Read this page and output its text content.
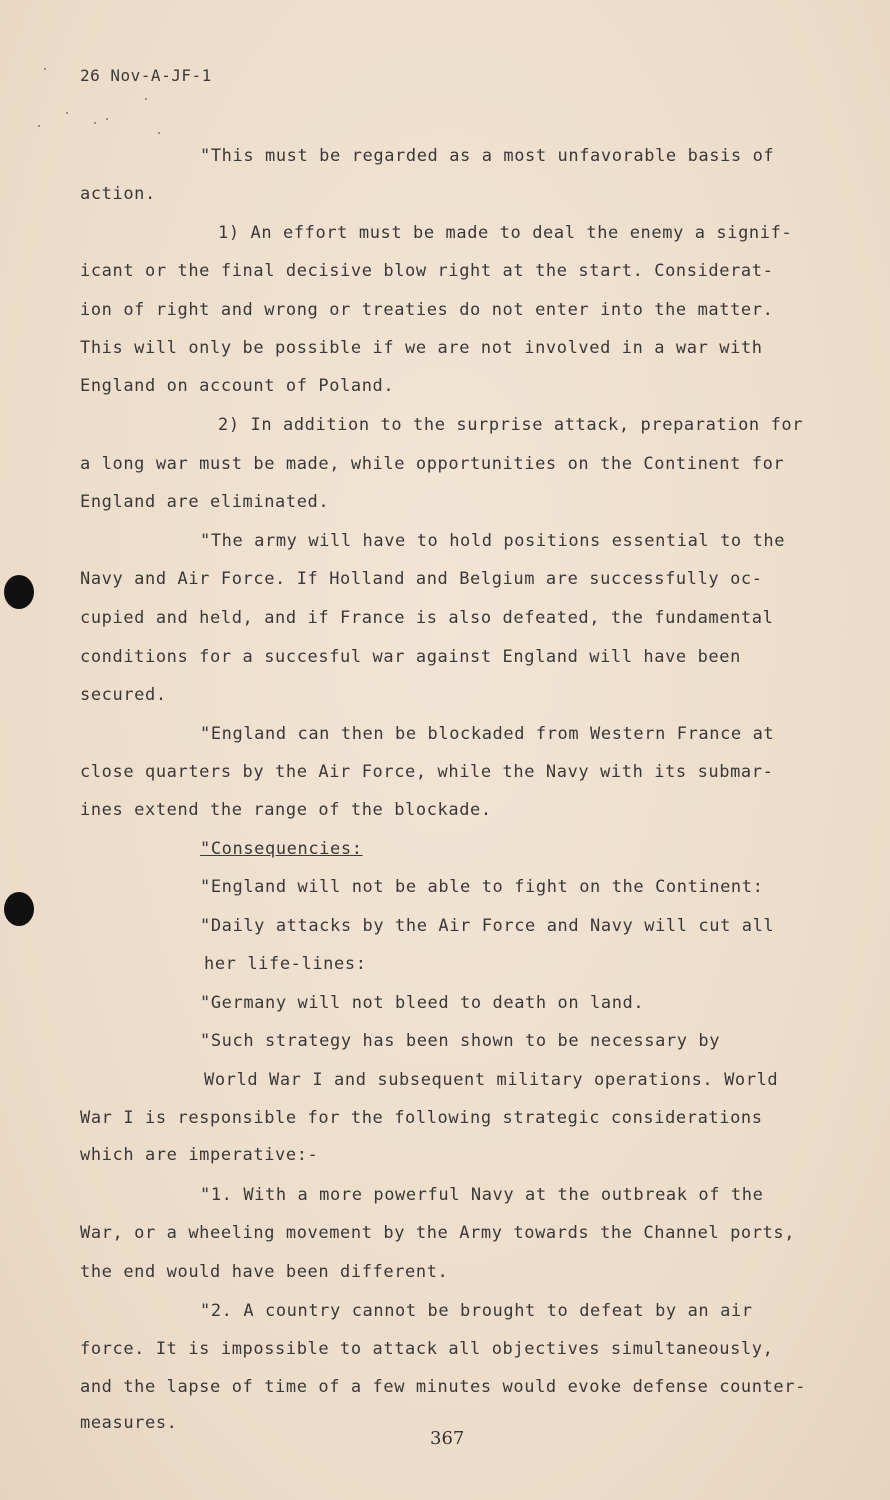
26 Nov-A-JF-1
"This must be regarded as a most unfavorable basis of
action.
1) An effort must be made to deal the enemy a signif-
icant or the final decisive blow right at the start. Considerat-
ion of right and wrong or treaties do not enter into the matter.
This will only be possible if we are not involved in a war with
England on account of Poland.
2) In addition to the surprise attack, preparation for
a long war must be made, while opportunities on the Continent for
England are eliminated.
"The army will have to hold positions essential to the
Navy and Air Force. If Holland and Belgium are successfully oc-
cupied and held, and if France is also defeated, the fundamental
conditions for a succesful war against England will have been
secured.
"England can then be blockaded from Western France at
close quarters by the Air Force, while the Navy with its submar-
ines extend the range of the blockade.
"Consequencies:
"England will not be able to fight on the Continent:
"Daily attacks by the Air Force and Navy will cut all
her life-lines:
"Germany will not bleed to death on land.
"Such strategy has been shown to be necessary by
World War I and subsequent military operations. World
War I is responsible for the following strategic considerations
which are imperative:-
"1. With a more powerful Navy at the outbreak of the
War, or a wheeling movement by the Army towards the Channel ports,
the end would have been different.
"2. A country cannot be brought to defeat by an air
force. It is impossible to attack all objectives simultaneously,
and the lapse of time of a few minutes would evoke defense counter-
measures.
367
